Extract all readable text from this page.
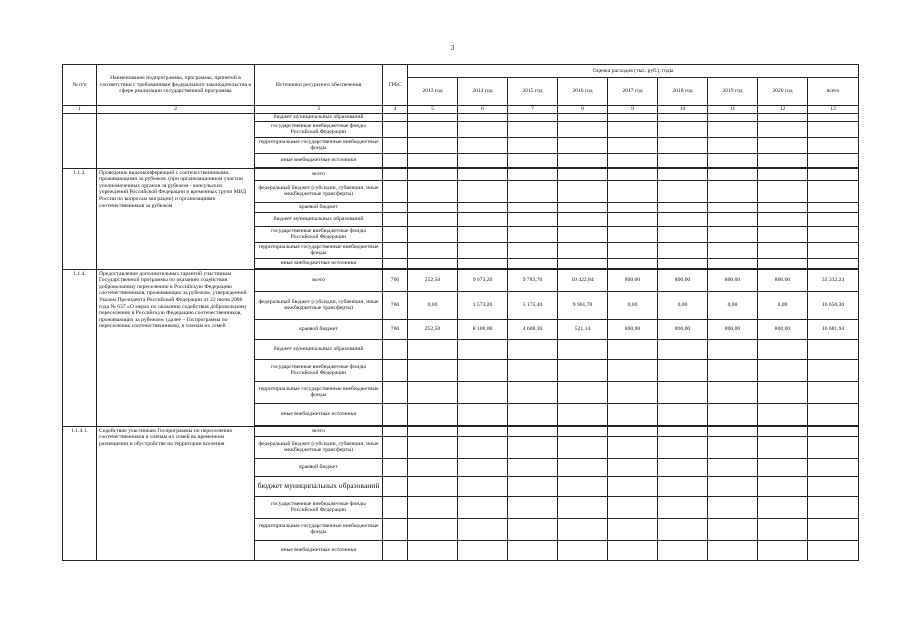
3
№ п/п	Наименование подпрограммы, программы, принятой в соответствии с требованиями федерального законодательства в сфере реализации государственной программы	Источники ресурсного обеспечения	ГРБС	Оценка расходов (тыс. руб.), годы								
				2013 год	2014 год	2015 год	2016 год	2017 год	2018 год	2019 год	2020 год	всего
1	2	3	4	5	6	7	8	9	10	11	12	13
		бюджет муниципальных образований										
		государственные внебюджетные фонды Российской Федерации										
		территориальные государственные внебюджетные фонды										
		иные внебюджетные источники										

1.1.3.	Проведение видеоконференций с соотечественниками, проживающими за рубежом, (при организационном участии уполномоченных органов за рубежом - консульских учреждений Российской Федерации и временных групп МВД России по вопросам миграции) и организациями соотечественников за рубежом	всего										
		федеральный бюджет (субсидии, субвенции, иные межбюджетные трансферты)										
		краевой бюджет										
		бюджет муниципальных образований										
		государственные внебюджетные фонды Российской Федерации										
		территориальные государственные внебюджетные фонды										
		иные внебюджетные источники										

1.1.4.	Предоставление дополнительных гарантий участникам Государственной программы по оказанию содействия добровольному переселению в Российскую Федерацию соотечественников, проживающих за рубежом, утвержденной Указом Президента Российской Федерации от 22 июня 2006 года № 637 «О мерах по оказанию содействия добровольному переселению в Российскую Федерацию соотечественников, проживающих за рубежом» (далее – Госпрограмма по переселению соотечественников), и членам их семей	всего	760	252,50	9 673,20	9 783,70	10 422,84	800,00	800,00	800,00	800,00	33 332,24
		федеральный бюджет (субсидии, субвенции, иные межбюджетные трансферты)	760	0,00	1 573,20	5 175,40	9 901,70	0,00	0,00	0,00	0,00	16 650,30
		краевой бюджет	760	252,50	8 100,00	4 608,30	521,14	800,00	800,00	800,00	800,00	16 681,94
		бюджет муниципальных образований										
		государственные внебюджетные фонды Российской Федерации										
		территориальные государственные внебюджетные фонды										
		иные внебюджетные источники										

1.1.4.1.	Содействие участникам Госпрограммы по переселению соотечественников и членам их семей во временном размещении и обустройстве на территории вселения	всего										
		федеральный бюджет (субсидии, субвенции, иные межбюджетные трансферты)										
		краевой бюджет										
		бюджет муниципальных образований										
		государственные внебюджетные фонды Российской Федерации										
		территориальные государственные внебюджетные фонды										
		иные внебюджетные источники										
